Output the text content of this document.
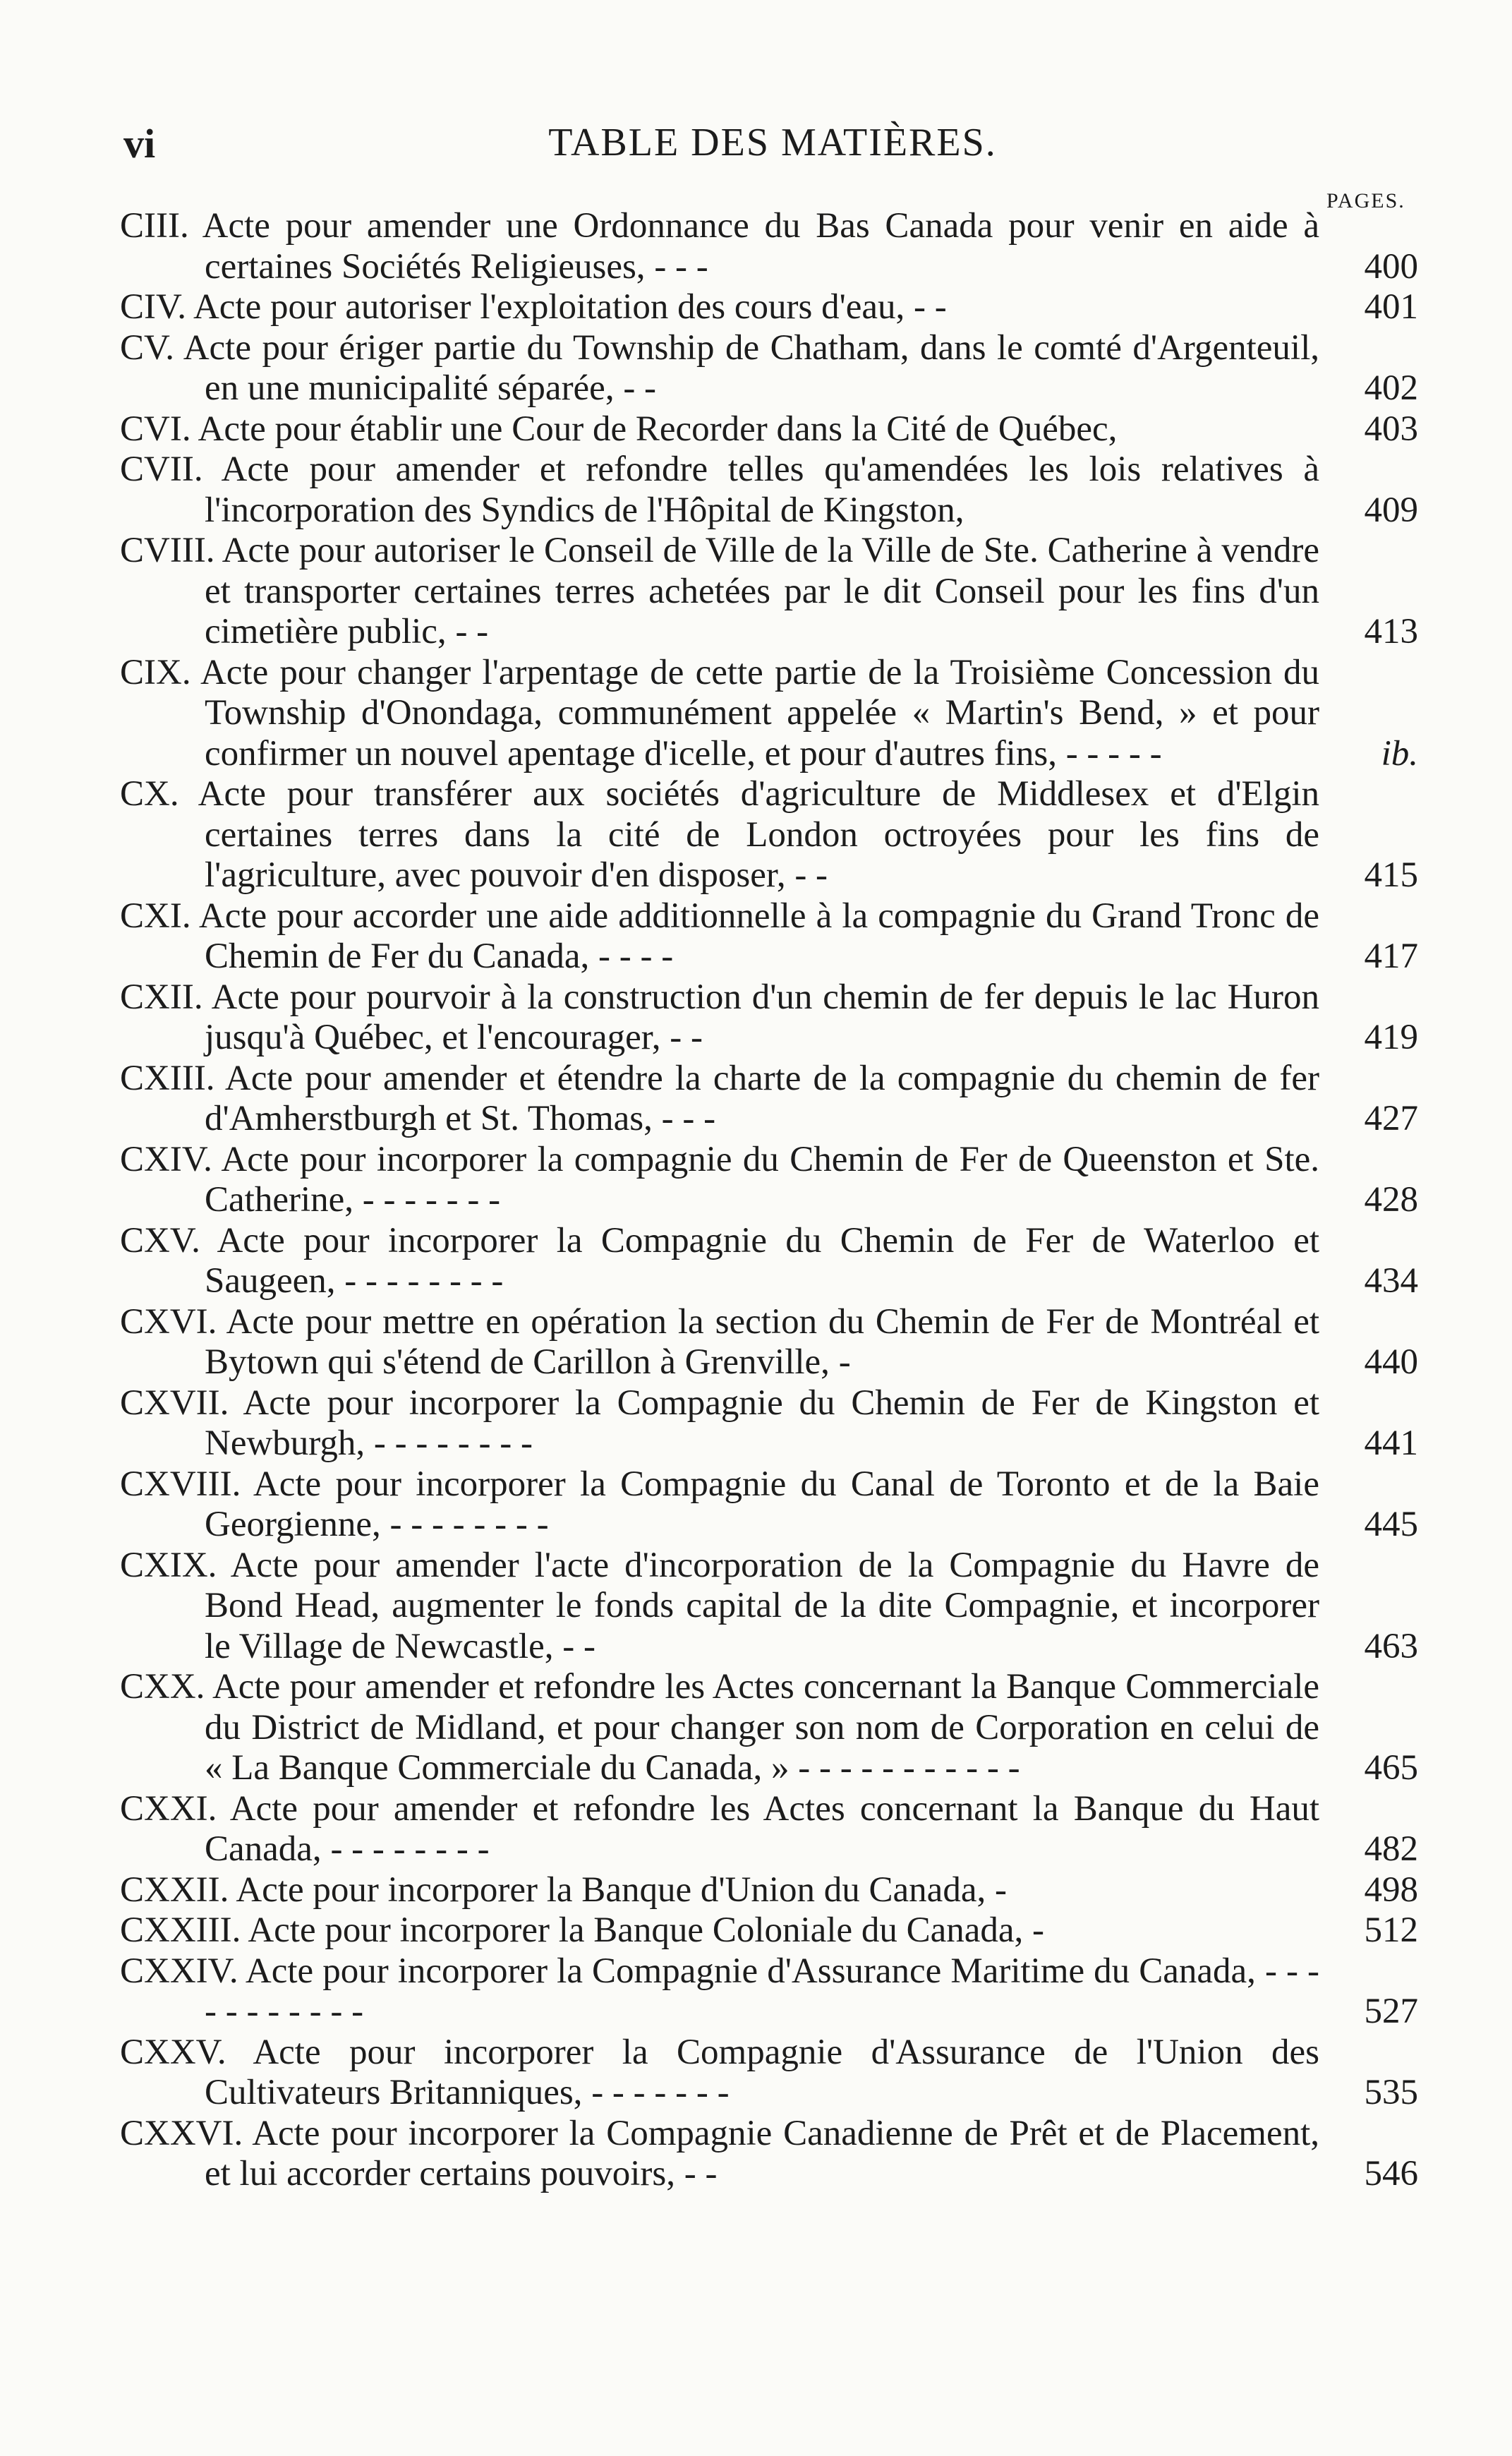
vi	TABLE DES MATIÈRES.
PAGES.
CIII. Acte pour amender une Ordonnance du Bas Canada pour venir en aide à certaines Sociétés Religieuses, - - -	400
CIV. Acte pour autoriser l'exploitation des cours d'eau, - -	401
CV. Acte pour ériger partie du Township de Chatham, dans le comté d'Argenteuil, en une municipalité séparée, - -	402
CVI. Acte pour établir une Cour de Recorder dans la Cité de Québec,	403
CVII. Acte pour amender et refondre telles qu'amendées les lois relatives à l'incorporation des Syndics de l'Hôpital de Kingston,	409
CVIII. Acte pour autoriser le Conseil de Ville de la Ville de Ste. Catherine à vendre et transporter certaines terres achetées par le dit Conseil pour les fins d'un cimetière public, - -	413
CIX. Acte pour changer l'arpentage de cette partie de la Troisième Concession du Township d'Onondaga, communément appelée « Martin's Bend, » et pour confirmer un nouvel apentage d'icelle, et pour d'autres fins, - - - - -	ib.
CX. Acte pour transférer aux sociétés d'agriculture de Middlesex et d'Elgin certaines terres dans la cité de London octroyées pour les fins de l'agriculture, avec pouvoir d'en disposer, - -	415
CXI. Acte pour accorder une aide additionnelle à la compagnie du Grand Tronc de Chemin de Fer du Canada, - - - -	417
CXII. Acte pour pourvoir à la construction d'un chemin de fer depuis le lac Huron jusqu'à Québec, et l'encourager, - -	419
CXIII. Acte pour amender et étendre la charte de la compagnie du chemin de fer d'Amherstburgh et St. Thomas, - - -	427
CXIV. Acte pour incorporer la compagnie du Chemin de Fer de Queenston et Ste. Catherine, - - - - - - -	428
CXV. Acte pour incorporer la Compagnie du Chemin de Fer de Waterloo et Saugeen, - - - - - - - -	434
CXVI. Acte pour mettre en opération la section du Chemin de Fer de Montréal et Bytown qui s'étend de Carillon à Grenville, -	440
CXVII. Acte pour incorporer la Compagnie du Chemin de Fer de Kingston et Newburgh, - - - - - - - -	441
CXVIII. Acte pour incorporer la Compagnie du Canal de Toronto et de la Baie Georgienne, - - - - - - - -	445
CXIX. Acte pour amender l'acte d'incorporation de la Compagnie du Havre de Bond Head, augmenter le fonds capital de la dite Compagnie, et incorporer le Village de Newcastle, - -	463
CXX. Acte pour amender et refondre les Actes concernant la Banque Commerciale du District de Midland, et pour changer son nom de Corporation en celui de « La Banque Commerciale du Canada, » - - - - - - - - - - -	465
CXXI. Acte pour amender et refondre les Actes concernant la Banque du Haut Canada, - - - - - - - -	482
CXXII. Acte pour incorporer la Banque d'Union du Canada, -	498
CXXIII. Acte pour incorporer la Banque Coloniale du Canada, -	512
CXXIV. Acte pour incorporer la Compagnie d'Assurance Maritime du Canada, - - - - - - - - - - -	527
CXXV. Acte pour incorporer la Compagnie d'Assurance de l'Union des Cultivateurs Britanniques, - - - - - - -	535
CXXVI. Acte pour incorporer la Compagnie Canadienne de Prêt et de Placement, et lui accorder certains pouvoirs, - -	546
